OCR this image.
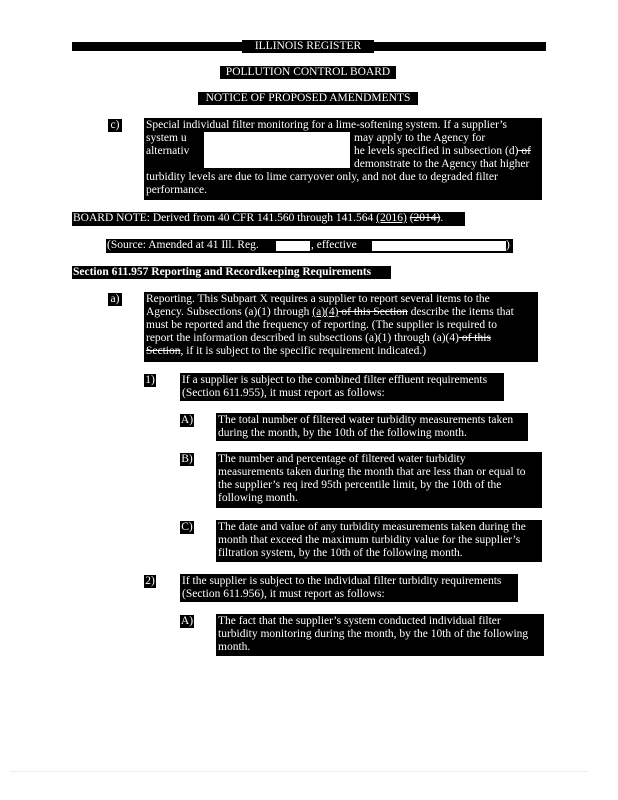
ILLINOIS REGISTER
POLLUTION CONTROL BOARD
NOTICE OF PROPOSED AMENDMENTS
c) Special individual filter monitoring for a lime-softening system. If a supplier’s
system u	may apply to the Agency for
alternativ	he levels specified in subsection (d) of

demonstrate to the Agency that higher
turbidity levels are due to lime carryover only, and not due to degraded filter
performance.
BOARD NOTE: Derived from 40 CFR 141.560 through 141.564 (2016) (2014).
(Source: Amended at 41 Ill. Reg.	, effective	)
Section 611.957 Reporting and Recordkeeping Requirements
a) Reporting. This Subpart X requires a supplier to report several items to the
Agency. Subsections (a)(1) through (a)(4) of this Section describe the items that
must be reported and the frequency of reporting. (The supplier is required to
report the information described in subsections (a)(1) through (a)(4) of this
Section, if it is subject to the specific requirement indicated.)
1) If a supplier is subject to the combined filter effluent requirements
(Section 611.955), it must report as follows:
A) The total number of filtered water turbidity measurements taken
during the month, by the 10th of the following month.
B) The number and percentage of filtered water turbidity
measurements taken during the month that are less than or equal to
the supplier’s req ired 95th percentile limit, by the 10th of the
following month.
C) The date and value of any turbidity measurements taken during the
month that exceed the maximum turbidity value for the supplier’s
filtration system, by the 10th of the following month.
2) If the supplier is subject to the individual filter turbidity requirements
(Section 611.956), it must report as follows:
A) The fact that the supplier’s system conducted individual filter
turbidity monitoring during the month, by the 10th of the following
month.
